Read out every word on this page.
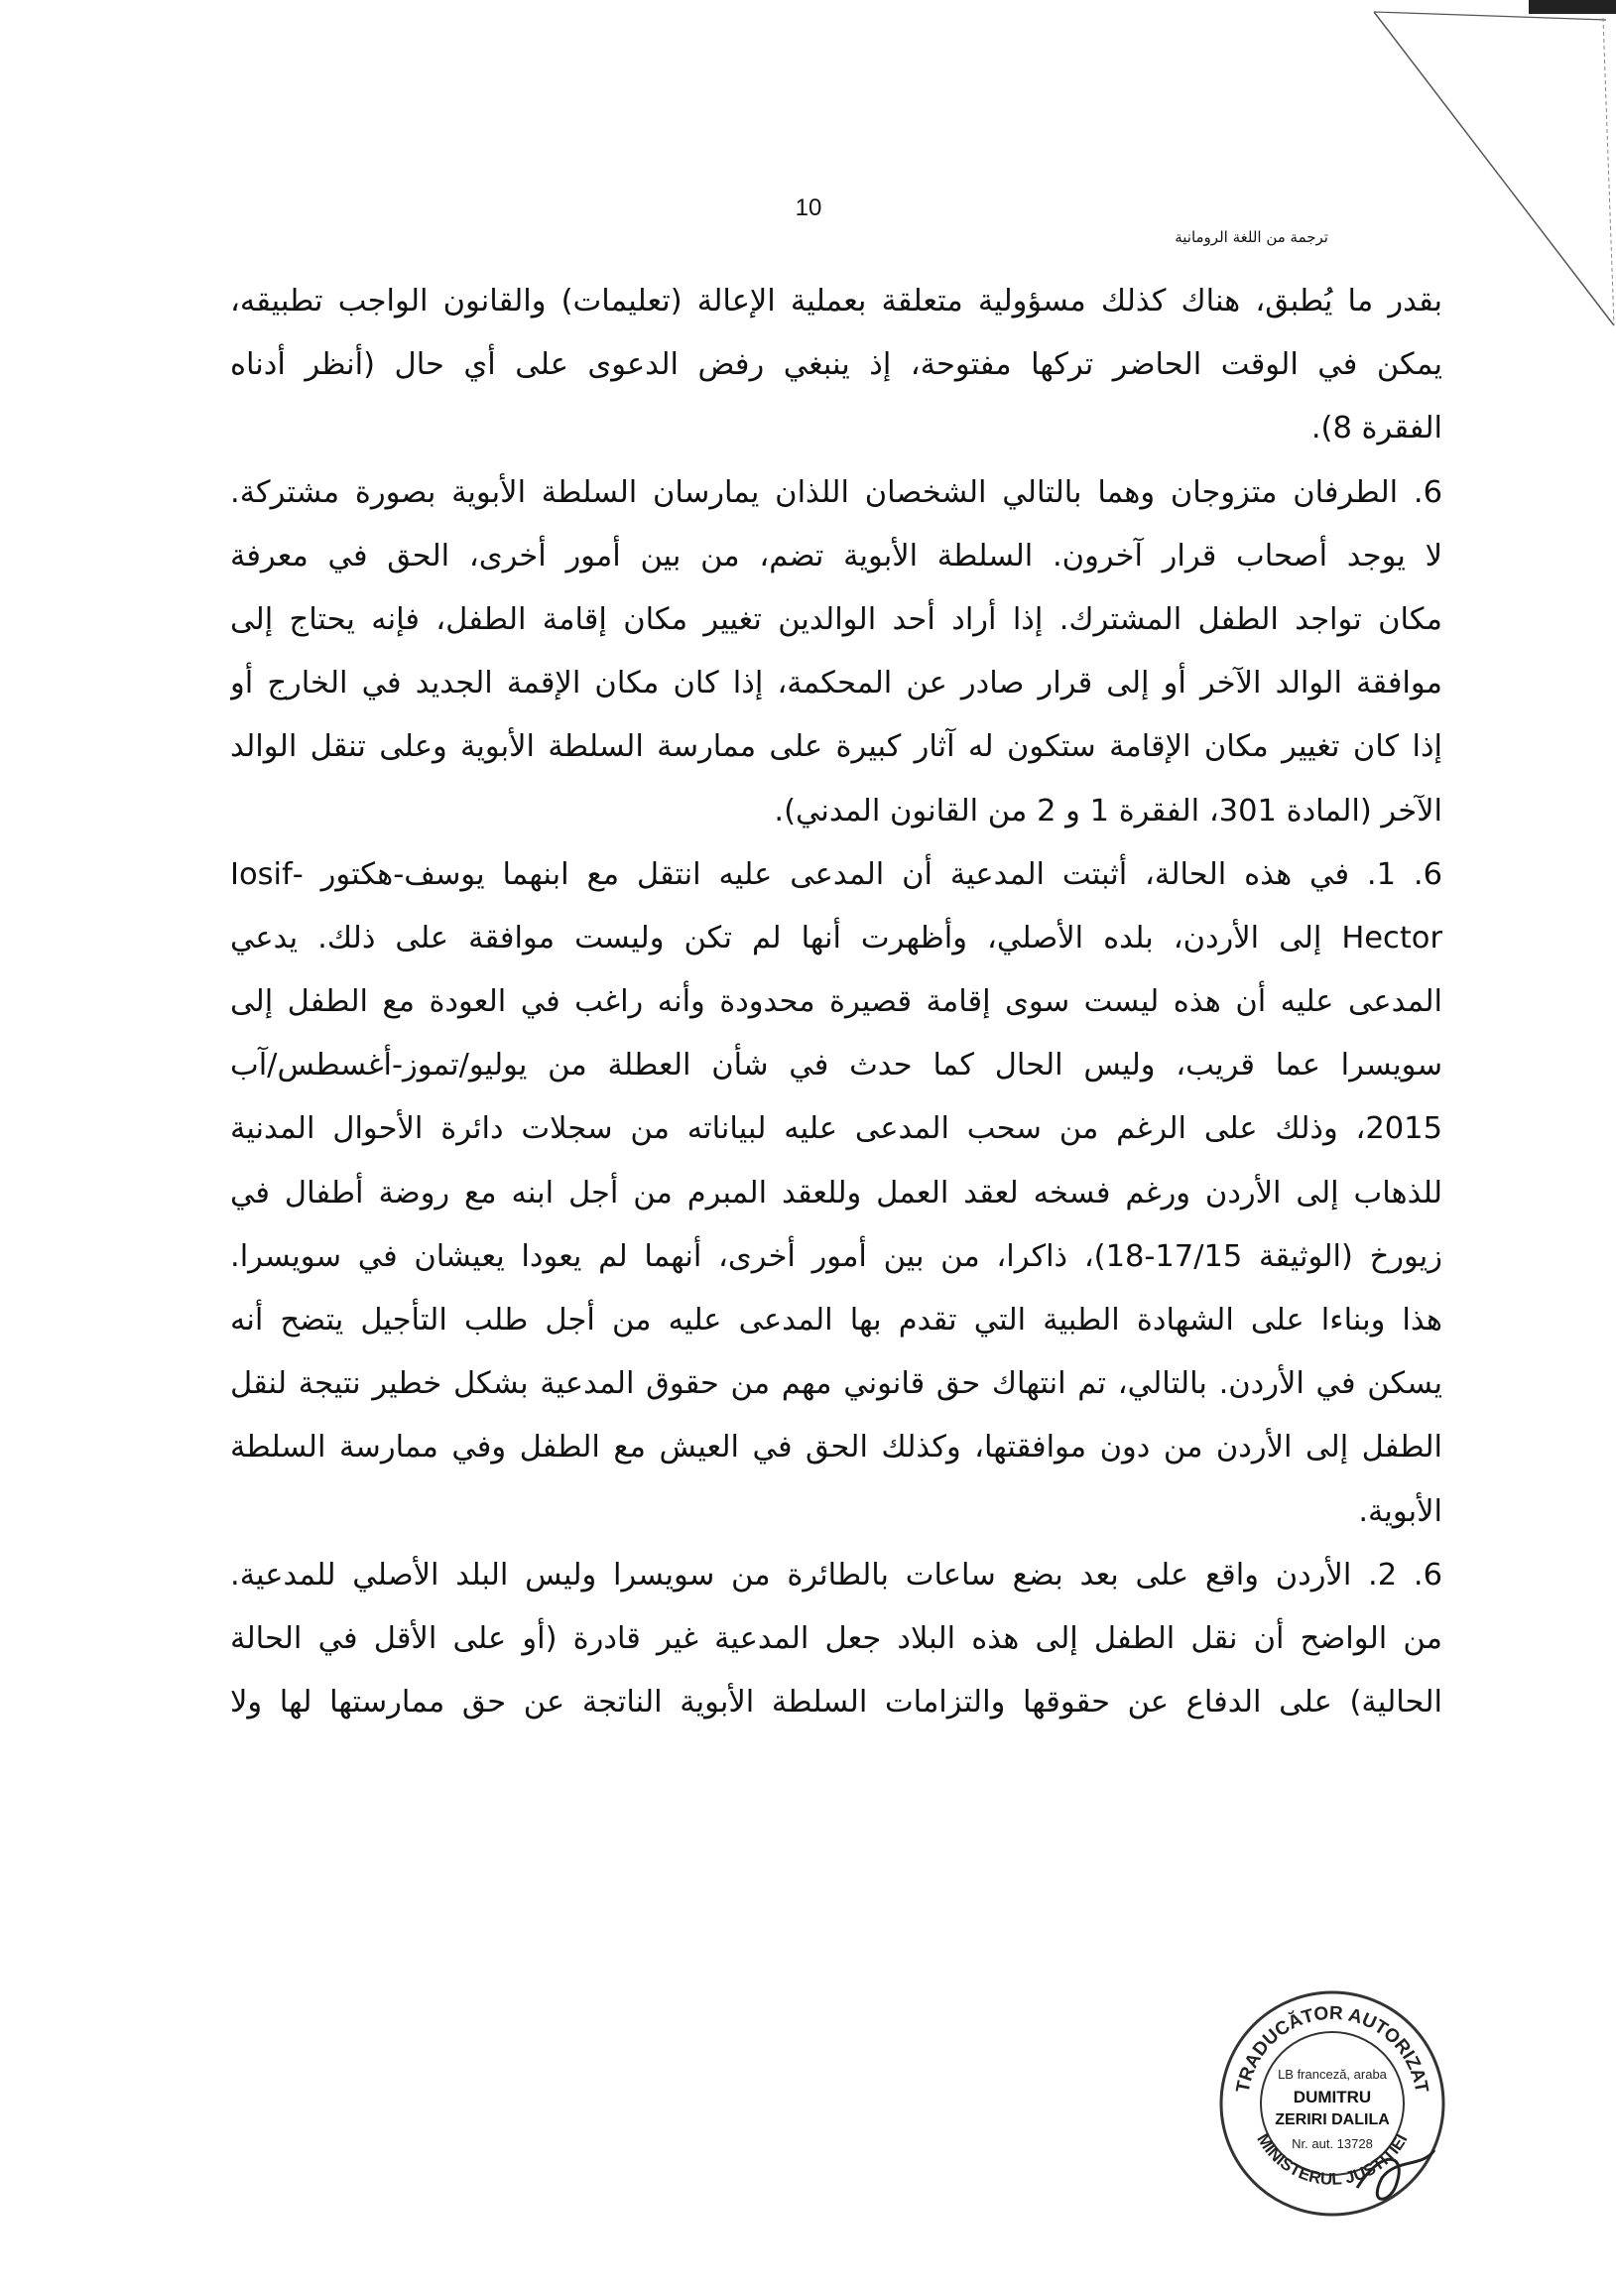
10
ترجمة من اللغة الرومانية
بقدر ما يُطبق، هناك كذلك مسؤولية متعلقة بعملية الإعالة (تعليمات) والقانون الواجب تطبيقه،
يمكن في الوقت الحاضر تركها مفتوحة، إذ ينبغي رفض الدعوى على أي حال (أنظر أدناه
الفقرة 8).
6. الطرفان متزوجان وهما بالتالي الشخصان اللذان يمارسان السلطة الأبوية بصورة مشتركة.
لا يوجد أصحاب قرار آخرون. السلطة الأبوية تضم، من بين أمور أخرى، الحق في معرفة
مكان تواجد الطفل المشترك. إذا أراد أحد الوالدين تغيير مكان إقامة الطفل، فإنه يحتاج إلى
موافقة الوالد الآخر أو إلى قرار صادر عن المحكمة، إذا كان مكان الإقمة الجديد في الخارج أو
إذا كان تغيير مكان الإقامة ستكون له آثار كبيرة على ممارسة السلطة الأبوية وعلى تنقل الوالد
الآخر (المادة 301، الفقرة 1 و 2 من القانون المدني).
6. 1. في هذه الحالة، أثبتت المدعية أن المدعى عليه انتقل مع ابنهما يوسف-هكتور -Iosif
Hector إلى الأردن، بلده الأصلي، وأظهرت أنها لم تكن وليست موافقة على ذلك. يدعي
المدعى عليه أن هذه ليست سوى إقامة قصيرة محدودة وأنه راغب في العودة مع الطفل إلى
سويسرا عما قريب، وليس الحال كما حدث في شأن العطلة من يوليو/تموز-أغسطس/آب
2015، وذلك على الرغم من سحب المدعى عليه لبياناته من سجلات دائرة الأحوال المدنية
للذهاب إلى الأردن ورغم فسخه لعقد العمل وللعقد المبرم من أجل ابنه مع روضة أطفال في
زيورخ (الوثيقة 17/15-18)، ذاكرا، من بين أمور أخرى، أنهما لم يعودا يعيشان في سويسرا.
هذا وبناءا على الشهادة الطبية التي تقدم بها المدعى عليه من أجل طلب التأجيل يتضح أنه
يسكن في الأردن. بالتالي، تم انتهاك حق قانوني مهم من حقوق المدعية بشكل خطير نتيجة لنقل
الطفل إلى الأردن من دون موافقتها، وكذلك الحق في العيش مع الطفل وفي ممارسة السلطة
الأبوية.
6. 2. الأردن واقع على بعد بضع ساعات بالطائرة من سويسرا وليس البلد الأصلي للمدعية.
من الواضح أن نقل الطفل إلى هذه البلاد جعل المدعية غير قادرة (أو على الأقل في الحالة
الحالية) على الدفاع عن حقوقها والتزامات السلطة الأبوية الناتجة عن حق ممارستها لها ولا
TRADUCĂTOR AUTORIZAT
MINISTERUL JUSTIȚIEI
LB franceză, araba
DUMITRU
ZERIRI DALILA
Nr. aut. 13728
